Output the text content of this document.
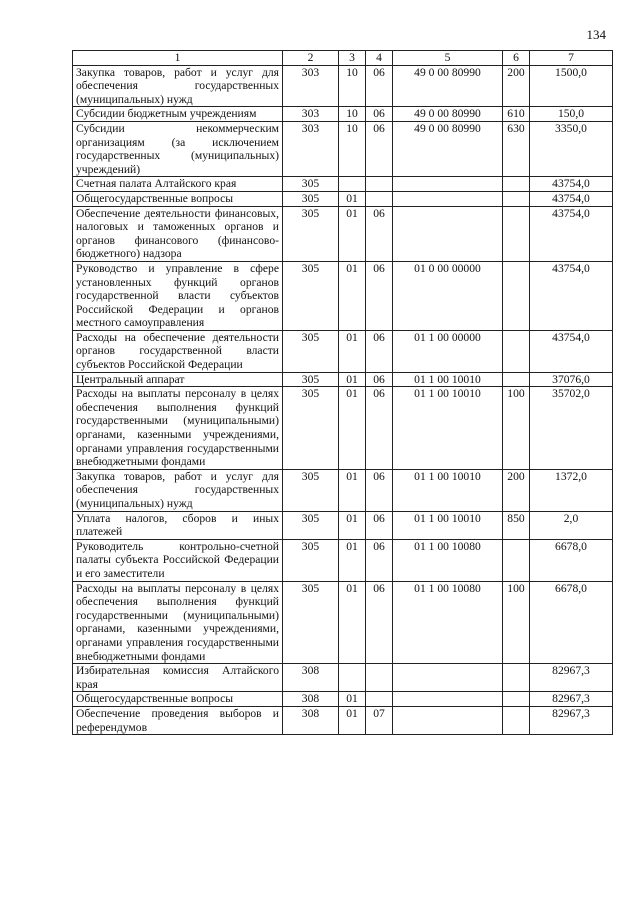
134
1	2	3	4	5	6	7
Закупка товаров, работ и услуг для обеспечения государственных (муниципальных) нужд	303	10	06	49 0 00 80990	200	1500,0
Субсидии бюджетным учреждениям	303	10	06	49 0 00 80990	610	150,0
Субсидии некоммерческим организациям (за исключением государственных (муниципальных) учреждений)	303	10	06	49 0 00 80990	630	3350,0
Счетная палата Алтайского края	305					43754,0
Общегосударственные вопросы	305	01				43754,0
Обеспечение деятельности финансовых, налоговых и таможенных органов и органов финансового (финансово-бюджетного) надзора	305	01	06			43754,0
Руководство и управление в сфере установленных функций органов государственной власти субъектов Российской Федерации и органов местного самоуправления	305	01	06	01 0 00 00000		43754,0
Расходы на обеспечение деятельности органов государственной власти субъектов Российской Федерации	305	01	06	01 1 00 00000		43754,0
Центральный аппарат	305	01	06	01 1 00 10010		37076,0
Расходы на выплаты персоналу в целях обеспечения выполнения функций государственными (муниципальными) органами, казенными учреждениями, органами управления государственными внебюджетными фондами	305	01	06	01 1 00 10010	100	35702,0
Закупка товаров, работ и услуг для обеспечения государственных (муниципальных) нужд	305	01	06	01 1 00 10010	200	1372,0
Уплата налогов, сборов и иных платежей	305	01	06	01 1 00 10010	850	2,0
Руководитель контрольно-счетной палаты субъекта Российской Федерации и его заместители	305	01	06	01 1 00 10080		6678,0
Расходы на выплаты персоналу в целях обеспечения выполнения функций государственными (муниципальными) органами, казенными учреждениями, органами управления государственными внебюджетными фондами	305	01	06	01 1 00 10080	100	6678,0
Избирательная комиссия Алтайского края	308					82967,3
Общегосударственные вопросы	308	01				82967,3
Обеспечение проведения выборов и референдумов	308	01	07			82967,3
